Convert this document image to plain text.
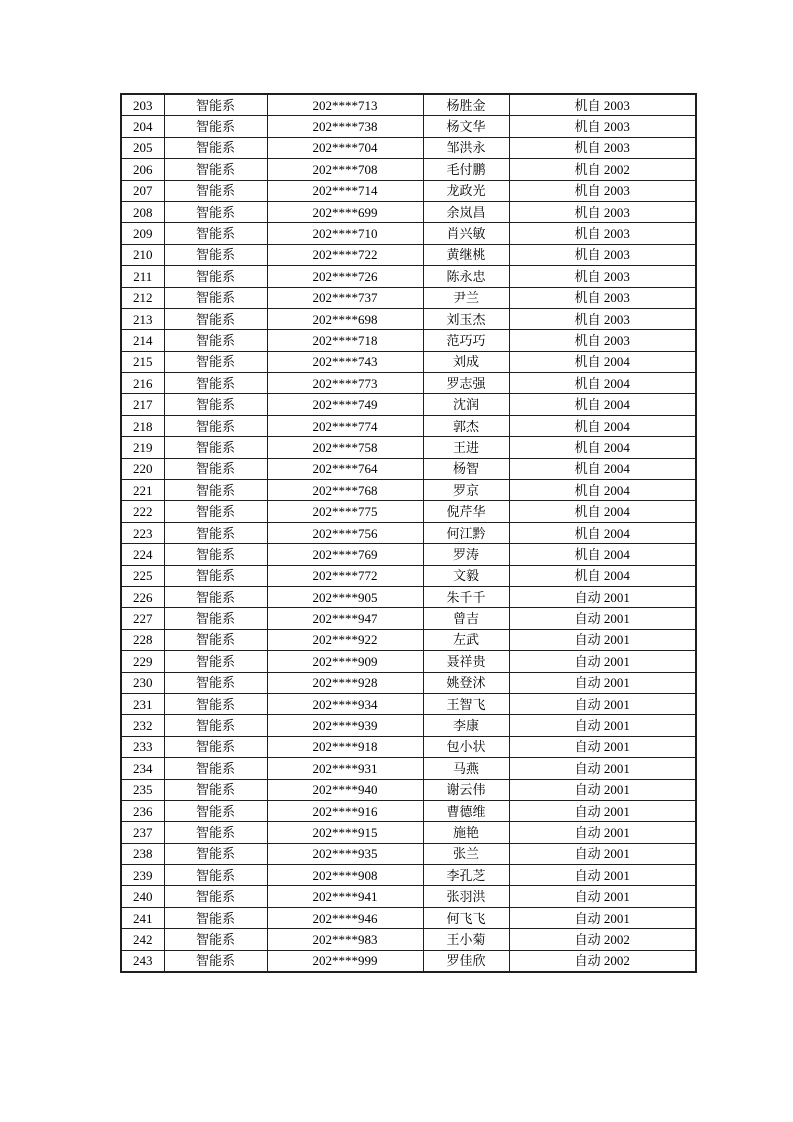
203	智能系	202****713	杨胜金	机自 2003
204	智能系	202****738	杨文华	机自 2003
205	智能系	202****704	邹洪永	机自 2003
206	智能系	202****708	毛付鹏	机自 2002
207	智能系	202****714	龙政光	机自 2003
208	智能系	202****699	余岚昌	机自 2003
209	智能系	202****710	肖兴敏	机自 2003
210	智能系	202****722	黄继桃	机自 2003
211	智能系	202****726	陈永忠	机自 2003
212	智能系	202****737	尹兰	机自 2003
213	智能系	202****698	刘玉杰	机自 2003
214	智能系	202****718	范巧巧	机自 2003
215	智能系	202****743	刘成	机自 2004
216	智能系	202****773	罗志强	机自 2004
217	智能系	202****749	沈润	机自 2004
218	智能系	202****774	郭杰	机自 2004
219	智能系	202****758	王进	机自 2004
220	智能系	202****764	杨智	机自 2004
221	智能系	202****768	罗京	机自 2004
222	智能系	202****775	倪芹华	机自 2004
223	智能系	202****756	何江黔	机自 2004
224	智能系	202****769	罗涛	机自 2004
225	智能系	202****772	文毅	机自 2004
226	智能系	202****905	朱千千	自动 2001
227	智能系	202****947	曾吉	自动 2001
228	智能系	202****922	左武	自动 2001
229	智能系	202****909	聂祥贵	自动 2001
230	智能系	202****928	姚登沭	自动 2001
231	智能系	202****934	王智飞	自动 2001
232	智能系	202****939	李康	自动 2001
233	智能系	202****918	包小状	自动 2001
234	智能系	202****931	马燕	自动 2001
235	智能系	202****940	谢云伟	自动 2001
236	智能系	202****916	曹德维	自动 2001
237	智能系	202****915	施艳	自动 2001
238	智能系	202****935	张兰	自动 2001
239	智能系	202****908	李孔芝	自动 2001
240	智能系	202****941	张羽洪	自动 2001
241	智能系	202****946	何飞飞	自动 2001
242	智能系	202****983	王小菊	自动 2002
243	智能系	202****999	罗佳欣	自动 2002
